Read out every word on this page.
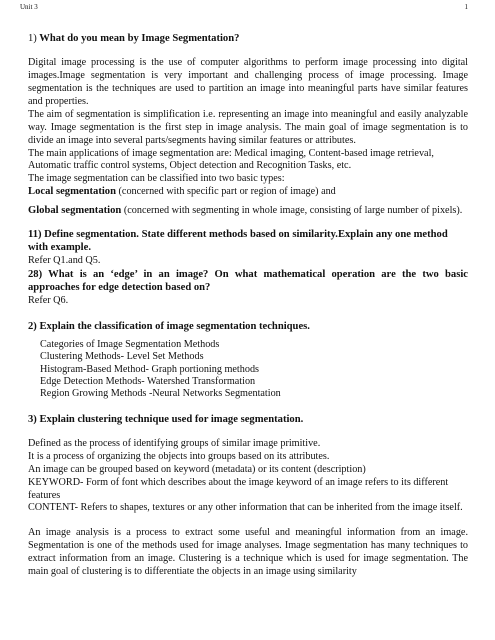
Unit 3	1
1) What do you mean by Image Segmentation?

Digital image processing is the use of computer algorithms to perform image processing into digital images.Image segmentation is very important and challenging process of image processing. Image segmentation is the techniques are used to partition an image into meaningful parts have similar features and properties.

The aim of segmentation is simplification i.e. representing an image into meaningful and easily analyzable way. Image segmentation is the first step in image analysis. The main goal of image segmentation is to divide an image into several parts/segments having similar features or attributes.

The main applications of image segmentation are: Medical imaging, Content-based image retrieval, Automatic traffic control systems, Object detection and Recognition Tasks, etc.

The image segmentation can be classified into two basic types:

Local segmentation (concerned with specific part or region of image) and

Global segmentation (concerned with segmenting in whole image, consisting of large number of pixels).

11) Define segmentation. State different methods based on similarity.Explain any one method with example.

Refer Q1.and Q5.

28) What is an ‘edge’ in an image? On what mathematical operation are the two basic approaches for edge detection based on?

Refer Q6.

2) Explain the classification of image segmentation techniques.
Categories of Image Segmentation Methods
Clustering Methods- Level Set Methods
Histogram-Based Method- Graph portioning methods
Edge Detection Methods- Watershed Transformation
Region Growing Methods -Neural Networks Segmentation
3) Explain clustering technique used for image segmentation.

Defined as the process of identifying groups of similar image primitive.

It is a process of organizing the objects into groups based on its attributes.

An image can be grouped based on keyword (metadata) or its content (description)

KEYWORD- Form of font which describes about the image keyword of an image refers to its different features

CONTENT- Refers to shapes, textures or any other information that can be inherited from the image itself.

An image analysis is a process to extract some useful and meaningful information from an image. Segmentation is one of the methods used for image analyses. Image segmentation has many techniques to extract information from an image. Clustering is a technique which is used for image segmentation. The main goal of clustering is to differentiate the objects in an image using similarity
